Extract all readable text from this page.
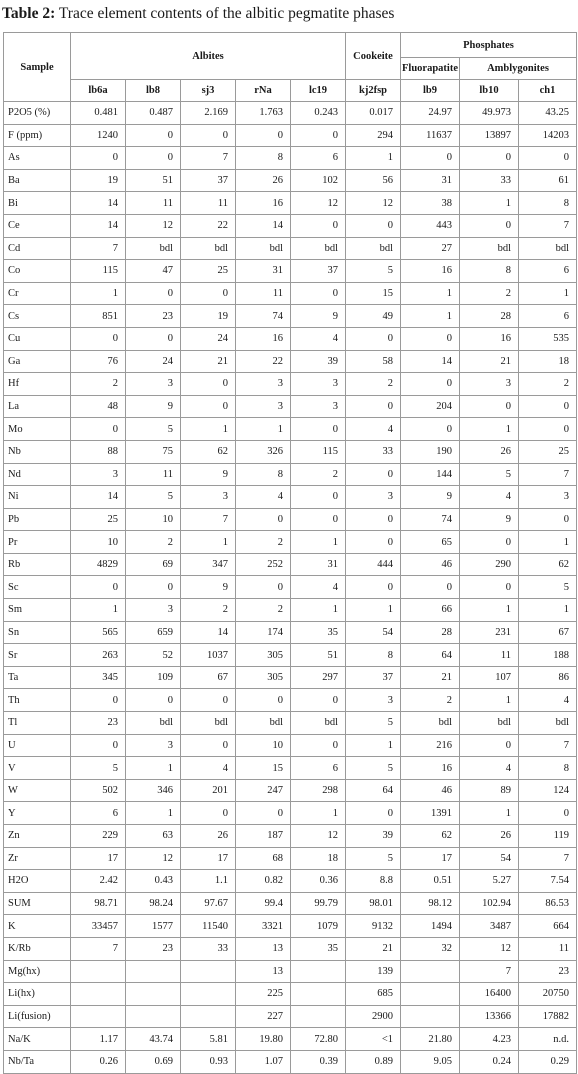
Table 2: Trace element contents of the albitic pegmatite phases
Sample	Albites					Cookeite	Phosphates		
							Fluorapatite	Amblygonites	
	lb6a	lb8	sj3	rNa	lc19	kj2fsp	lb9	lb10	ch1
P2O5 (%)	0.481	0.487	2.169	1.763	0.243	0.017	24.97	49.973	43.25
F (ppm)	1240	0	0	0	0	294	11637	13897	14203
As	0	0	7	8	6	1	0	0	0
Ba	19	51	37	26	102	56	31	33	61
Bi	14	11	11	16	12	12	38	1	8
Ce	14	12	22	14	0	0	443	0	7
Cd	7	bdl	bdl	bdl	bdl	bdl	27	bdl	bdl
Co	115	47	25	31	37	5	16	8	6
Cr	1	0	0	11	0	15	1	2	1
Cs	851	23	19	74	9	49	1	28	6
Cu	0	0	24	16	4	0	0	16	535
Ga	76	24	21	22	39	58	14	21	18
Hf	2	3	0	3	3	2	0	3	2
La	48	9	0	3	3	0	204	0	0
Mo	0	5	1	1	0	4	0	1	0
Nb	88	75	62	326	115	33	190	26	25
Nd	3	11	9	8	2	0	144	5	7
Ni	14	5	3	4	0	3	9	4	3
Pb	25	10	7	0	0	0	74	9	0
Pr	10	2	1	2	1	0	65	0	1
Rb	4829	69	347	252	31	444	46	290	62
Sc	0	0	9	0	4	0	0	0	5
Sm	1	3	2	2	1	1	66	1	1
Sn	565	659	14	174	35	54	28	231	67
Sr	263	52	1037	305	51	8	64	11	188
Ta	345	109	67	305	297	37	21	107	86
Th	0	0	0	0	0	3	2	1	4
Tl	23	bdl	bdl	bdl	bdl	5	bdl	bdl	bdl
U	0	3	0	10	0	1	216	0	7
V	5	1	4	15	6	5	16	4	8
W	502	346	201	247	298	64	46	89	124
Y	6	1	0	0	1	0	1391	1	0
Zn	229	63	26	187	12	39	62	26	119
Zr	17	12	17	68	18	5	17	54	7
H2O	2.42	0.43	1.1	0.82	0.36	8.8	0.51	5.27	7.54
SUM	98.71	98.24	97.67	99.4	99.79	98.01	98.12	102.94	86.53
K	33457	1577	11540	3321	1079	9132	1494	3487	664
K/Rb	7	23	33	13	35	21	32	12	11
Mg(hx)				13		139		7	23
Li(hx)				225		685		16400	20750
Li(fusion)				227		2900		13366	17882
Na/K	1.17	43.74	5.81	19.80	72.80	<1	21.80	4.23	n.d.
Nb/Ta	0.26	0.69	0.93	1.07	0.39	0.89	9.05	0.24	0.29
